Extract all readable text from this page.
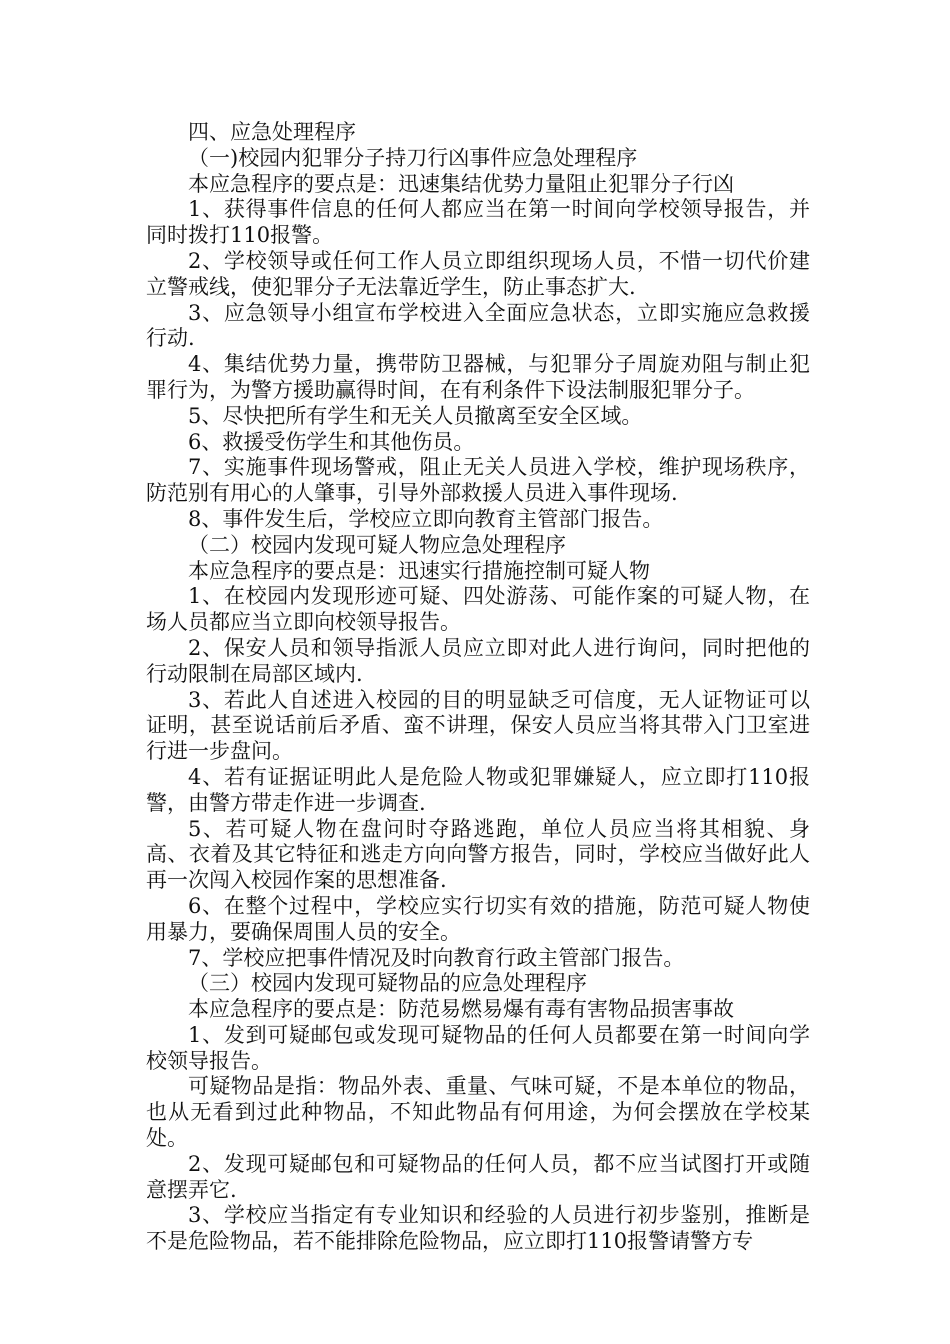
四、应急处理程序

（一)校园内犯罪分子持刀行凶事件应急处理程序

本应急程序的要点是：迅速集结优势力量阻止犯罪分子行凶

1、获得事件信息的任何人都应当在第一时间向学校领导报告，并同时拨打110报警。

2、学校领导或任何工作人员立即组织现场人员，不惜一切代价建立警戒线，使犯罪分子无法靠近学生，防止事态扩大.

3、应急领导小组宣布学校进入全面应急状态，立即实施应急救援行动.

4、集结优势力量，携带防卫器械，与犯罪分子周旋劝阻与制止犯罪行为，为警方援助赢得时间，在有利条件下设法制服犯罪分子。

5、尽快把所有学生和无关人员撤离至安全区域。

6、救援受伤学生和其他伤员。

7、实施事件现场警戒，阻止无关人员进入学校，维护现场秩序，防范别有用心的人肇事，引导外部救援人员进入事件现场.

8、事件发生后，学校应立即向教育主管部门报告。

（二）校园内发现可疑人物应急处理程序

本应急程序的要点是：迅速实行措施控制可疑人物

1、在校园内发现形迹可疑、四处游荡、可能作案的可疑人物，在场人员都应当立即向校领导报告。

2、保安人员和领导指派人员应立即对此人进行询问，同时把他的行动限制在局部区域内.

3、若此人自述进入校园的目的明显缺乏可信度，无人证物证可以证明，甚至说话前后矛盾、蛮不讲理，保安人员应当将其带入门卫室进行进一步盘问。

4、若有证据证明此人是危险人物或犯罪嫌疑人，应立即打110报警，由警方带走作进一步调查.

5、若可疑人物在盘问时夺路逃跑，单位人员应当将其相貌、身高、衣着及其它特征和逃走方向向警方报告，同时，学校应当做好此人再一次闯入校园作案的思想准备.

6、在整个过程中，学校应实行切实有效的措施，防范可疑人物使用暴力，要确保周围人员的安全。

7、学校应把事件情况及时向教育行政主管部门报告。

（三）校园内发现可疑物品的应急处理程序

本应急程序的要点是：防范易燃易爆有毒有害物品损害事故

1、发到可疑邮包或发现可疑物品的任何人员都要在第一时间向学校领导报告。

可疑物品是指：物品外表、重量、气味可疑，不是本单位的物品，也从无看到过此种物品，不知此物品有何用途，为何会摆放在学校某处。

2、发现可疑邮包和可疑物品的任何人员，都不应当试图打开或随意摆弄它.

3、学校应当指定有专业知识和经验的人员进行初步鉴别，推断是不是危险物品，若不能排除危险物品，应立即打110报警请警方专
